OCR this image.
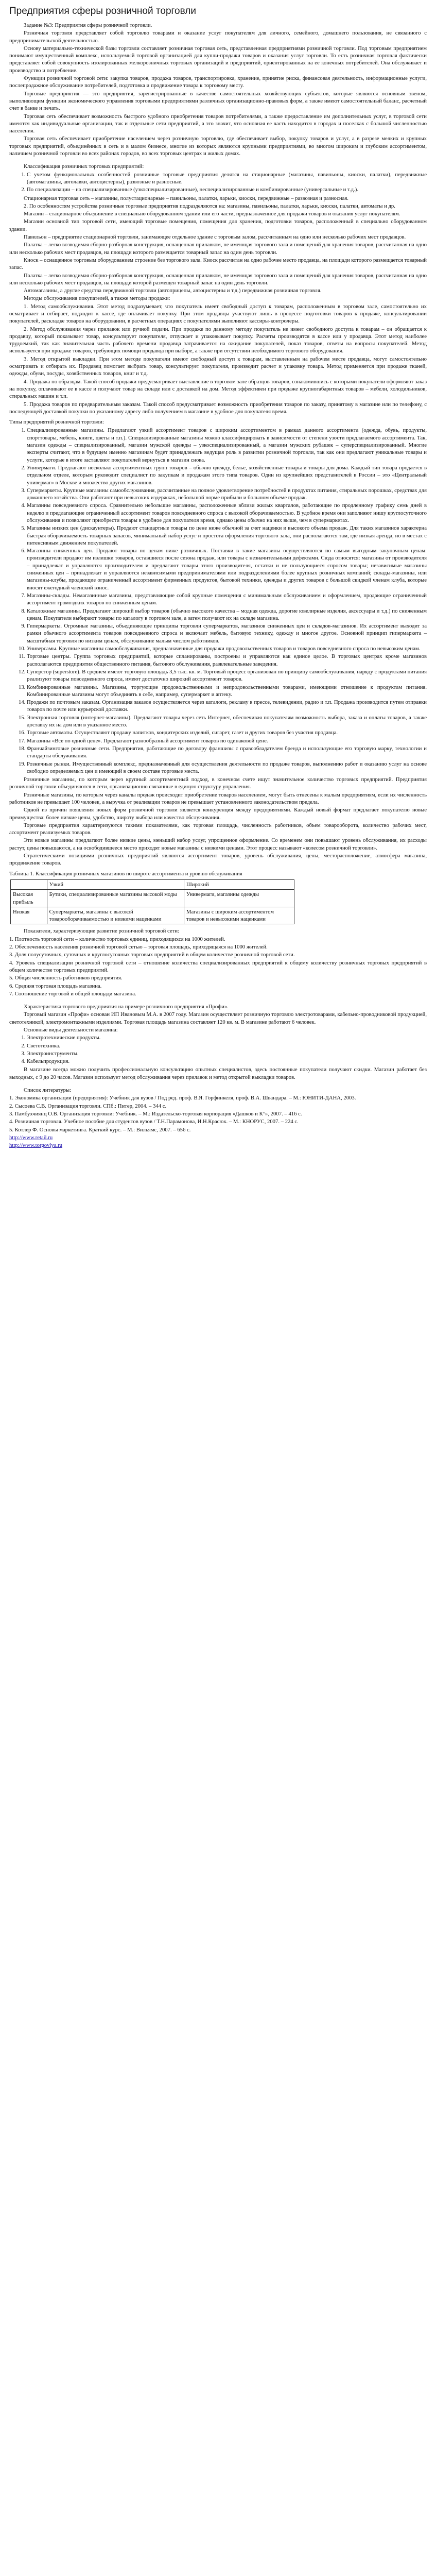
Предприятия сферы розничной торговли

Задание №3: Предприятия сферы розничной торговли.

Розничная торговля представляет собой торговлю товарами и оказание услуг покупателям для личного, семейного, домашнего пользования, не связанного с предпринимательской деятельностью.

Основу материально-технической базы торговли составляет розничная торговая сеть, представленная предприятиями розничной торговли. Под торговым предприятием понимают имущественный комплекс, используемый торговой организацией для купли-продажи товаров и оказания услуг торговли. То есть розничная торговля фактически представляет собой совокупность изолированных мелкорозничных торговых организаций и предприятий, ориентированных на ее конечных потребителей. Она обслуживает и производство и потребление.

Функции розничной торговой сети: закупка товаров, продажа товаров, транспортировка, хранение, принятие риска, финансовая деятельность, информационные услуги, послепродажное обслуживание потребителей, подготовка и продвижение товара к торговому месту.

Торговые предприятия — это предприятия, зарегистрированные в качестве самостоятельных хозяйствующих субъектов, которые являются основным звеном, выполняющим функции экономического управления торговыми предприятиями различных организационно-правовых форм, а также имеют самостоятельный баланс, расчетный счет в банке и печать.

Торговая сеть обеспечивает возможность быстрого удобного приобретения товаров потребителями, а также предоставление им дополнительных услуг, в торговой сети имеются как индивидуальные организации, так и отдельные сети предприятий, а это значит, что основная ее часть находится в городах и поселках с большой численностью населения.

Торговая сеть обеспечивает приобретение населением через розничную торговлю, где обеспечивает выбор, покупку товаров и услуг, а в разрезе мелких и крупных торговых предприятий, объединённых в сеть и в малом бизнесе, многие из которых являются крупными предприятиями, во многом широким и глубоким ассортиментом, наличием розничной торговли во всех районах городов, во всех торговых центрах и жилых домах.

Классификация розничных торговых предприятий:

1. С учетом функциональных особенностей розничные торговые предприятия делятся на стационарные (магазины, павильоны, киоски, палатки), передвижные (автомагазины, автолавки, автоцистерны), развозные и разносные.
2. По специализации – на специализированные (узкоспециализированные), неспециализированные и комбинированные (универсальные и т.д.).

Стационарная торговая сеть – магазины, полустационарные – павильоны, палатки, ларьки, киоски, передвижные – развозная и разносная.

2. По особенностям устройства розничные торговые предприятия подразделяются на: магазины, павильоны, палатки, ларьки, киоски, палатки, автоматы и др.

Магазин – стационарное объединение в специально оборудованном здании или его части, предназначенное для продажи товаров и оказания услуг покупателям.

Магазин основной тип торговой сети, имеющий торговые помещения, помещения для хранения, подготовки товаров, расположенный в специально оборудованном здании.

Павильон – предприятие стационарной торговли, занимающее отдельное здание с торговым залом, рассчитанным на одно или несколько рабочих мест продавцов.

Палатка – легко возводимая сборно-разборная конструкция, оснащенная прилавком, не имеющая торгового зала и помещений для хранения товаров, рассчитанная на одно или несколько рабочих мест продавцов, на площади которого размещается товарный запас на один день торговли.

Киоск – оснащенное торговым оборудованием строение без торгового зала. Киоск рассчитан на одно рабочее место продавца, на площади которого размещается товарный запас.

Палатка – легко возводимая сборно-разборная конструкция, оснащенная прилавком, не имеющая торгового зала и помещений для хранения товаров, рассчитанная на одно или несколько рабочих мест продавцов, на площади которой размещен товарный запас на один день торговли.

Автомагазины, а другие средства передвижной торговли (автоприцепы, автоцистерны и т.д.) передвижная розничная торговля.

Методы обслуживания покупателей, а также методы продажи:

1. Метод самообслуживания. Этот метод подразумевает, что покупатель имеет свободный доступ к товарам, расположенным в торговом зале, самостоятельно их осматривает и отбирает, подходит к кассе, где оплачивает покупку. При этом продавцы участвуют лишь в процессе подготовки товаров к продаже, консультировании покупателей, раскладке товаров на оборудовании, в расчетных операциях с покупателями выполняют кассиры-контролеры.

2. Метод обслуживания через прилавок или ручной подачи. При продаже по данному методу покупатель не имеет свободного доступа к товарам – он обращается к продавцу, который показывает товар, консультирует покупателя, отпускает и упаковывает покупку. Расчеты производятся в кассе или у продавца. Этот метод наиболее трудоемкий, так как значительная часть рабочего времени продавца затрачивается на ожидание покупателей, показ товаров, ответы на вопросы покупателей. Метод используется при продаже товаров, требующих помощи продавца при выборе, а также при отсутствии необходимого торгового оборудования.

3. Метод открытой выкладки. При этом методе покупатели имеют свободный доступ к товарам, выставленным на рабочем месте продавца, могут самостоятельно осматривать и отбирать их. Продавец помогает выбрать товар, консультирует покупателя, производит расчет и упаковку товара. Метод применяется при продаже тканей, одежды, обуви, посуды, хозяйственных товаров, книг и т.д.

4. Продажа по образцам. Такой способ продажи предусматривает выставление в торговом зале образцов товаров, ознакомившись с которыми покупатели оформляют заказ на покупку, оплачивают ее в кассе и получают товар на складе или с доставкой на дом. Метод эффективен при продаже крупногабаритных товаров – мебели, холодильников, стиральных машин и т.п.

5. Продажа товаров по предварительным заказам. Такой способ предусматривает возможность приобретения товаров по заказу, принятому в магазине или по телефону, с последующей доставкой покупки по указанному адресу либо получением в магазине в удобное для покупателя время.

Типы предприятий розничной торговли:

1. Специализированные магазины. Предлагают узкий ассортимент товаров с широким ассортиментом в рамках данного ассортимента (одежда, обувь, продукты, спорттовары, мебель, книги, цветы и т.п.). Специализированные магазины можно классифицировать в зависимости от степени узости предлагаемого ассортимента. Так, магазин одежды – специализированный, магазин мужской одежды – узкоспециализированный, а магазин мужских рубашек – суперспециализированный. Многие эксперты считают, что в будущем именно магазинам будет принадлежать ведущая роль в развитии розничной торговли, так как они предлагают уникальные товары и услуги, которые в итоге заставляют покупателей вернуться в магазин снова.
2. Универмаги. Предлагают несколько ассортиментных групп товаров – обычно одежду, белье, хозяйственные товары и товары для дома. Каждый тип товара продается в отдельном отделе, которым руководит специалист по закупкам и продажам этого типа товаров. Один из крупнейших представителей в России – это «Центральный универмаг» в Москве и множество других магазинов.
3. Супермаркеты. Крупные магазины самообслуживания, рассчитанные на полное удовлетворение потребностей в продуктах питания, стиральных порошках, средствах для домашнего хозяйства. Они работают при невысоких издержках, небольшой норме прибыли и большом объеме продаж.
4. Магазины повседневного спроса. Сравнительно небольшие магазины, расположенные вблизи жилых кварталов, работающие по продленному графику семь дней в неделю и предлагающие ограниченный ассортимент товаров повседневного спроса с высокой оборачиваемостью. В удобное время они заполняют нишу круглосуточного обслуживания и позволяют приобрести товары в удобное для покупателя время, однако цены обычно на них выше, чем в супермаркетах.
5. Магазины низких цен (дискаунтеры). Продают стандартные товары по цене ниже обычной за счет наценки и высокого объема продаж. Для таких магазинов характерна быстрая оборачиваемость товарных запасов, минимальный набор услуг и простота оформления торгового зала, они располагаются там, где низкая аренда, но в местах с интенсивным движением покупателей.
6. Магазины сниженных цен. Продают товары по ценам ниже розничных. Поставки в такие магазины осуществляются по самым выгодным закупочным ценам: производители продают им излишки товаров, оставшиеся после сезона продаж, или товары с незначительными дефектами. Сюда относятся: магазины от производителя – принадлежат и управляются производителем и предлагают товары этого производителя, остатки и не пользующиеся спросом товары; независимые магазины сниженных цен – принадлежат и управляются независимыми предпринимателями или подразделениями более крупных розничных компаний; склады-магазины, или магазины-клубы, продающие ограниченный ассортимент фирменных продуктов, бытовой техники, одежды и других товаров с большой скидкой членам клуба, которые вносят ежегодный членский взнос.
7. Магазины-склады. Немагазинные магазины, представляющие собой крупные помещения с минимальным обслуживанием и оформлением, продающие ограниченный ассортимент громоздких товаров по сниженным ценам.
8. Каталожные магазины. Предлагают широкий выбор товаров (обычно высокого качества – модная одежда, дорогие ювелирные изделия, аксессуары и т.д.) по сниженным ценам. Покупатели выбирают товары по каталогу в торговом зале, а затем получают их на складе магазина.
9. Гипермаркеты. Огромные магазины, объединяющие принципы торговли супермаркетов, магазинов сниженных цен и складов-магазинов. Их ассортимент выходит за рамки обычного ассортимента товаров повседневного спроса и включает мебель, бытовую технику, одежду и многое другое. Основной принцип гипермаркета – масштабная торговля по низким ценам, обслуживание малым числом работников.
10. Универсамы. Крупные магазины самообслуживания, предназначенные для продажи продовольственных товаров и товаров повседневного спроса по невысоким ценам.
11. Торговые центры. Группа торговых предприятий, которые спланированы, построены и управляются как единое целое. В торговых центрах кроме магазинов располагаются предприятия общественного питания, бытового обслуживания, развлекательные заведения.
12. Суперстор (superstore). В среднем имеют торговую площадь 3,5 тыс. кв. м. Торговый процесс организован по принципу самообслуживания, наряду с продуктами питания реализуют товары повседневного спроса, имеют достаточно широкий ассортимент товаров.
13. Комбинированные магазины. Магазины, торгующие продовольственными и непродовольственными товарами, имеющими отношение к продуктам питания. Комбинированные магазины могут объединять в себе, например, супермаркет и аптеку.
14. Продажи по почтовым заказам. Организация заказов осуществляется через каталоги, рекламу в прессе, телевидении, радио и т.п. Продажа производится путем отправки товаров по почте или курьерской доставки.
15. Электронная торговля (интернет-магазины). Предлагают товары через сеть Интернет, обеспечивая покупателям возможность выбора, заказа и оплаты товаров, а также доставку их на дом или в указанное место.
16. Торговые автоматы. Осуществляют продажу напитков, кондитерских изделий, сигарет, газет и других товаров без участия продавца.
17. Магазины «Все по одной цене». Предлагают разнообразный ассортимент товаров по одинаковой цене.
18. Франчайзинговые розничные сети. Предприятия, работающие по договору франшизы с правообладателем бренда и использующие его торговую марку, технологии и стандарты обслуживания.
19. Розничные рынки. Имущественный комплекс, предназначенный для осуществления деятельности по продаже товаров, выполнению работ и оказанию услуг на основе свободно определяемых цен и имеющий в своем составе торговые места.

Розничные магазины, по которым через крупный ассортиментный подход, в конечном счете ищут значительное количество торговых предприятий. Предприятия розничной торговли объединяются в сети, организационно связанные в единую структуру управления.

Розничные магазины, по которым через каналы продаж происходит приобретение товаров населением, могут быть отнесены к малым предприятиям, если их численность работников не превышает 100 человек, а выручка от реализации товаров не превышает установленного законодательством предела.

Одной из причин появления новых форм розничной торговли является конкуренция между предприятиями. Каждый новый формат предлагает покупателю новые преимущества: более низкие цены, удобство, широту выбора или качество обслуживания.

Торговые предприятия характеризуются такими показателями, как торговая площадь, численность работников, объем товарооборота, количество рабочих мест, ассортимент реализуемых товаров.

Эти новые магазины предлагают более низкие цены, меньший набор услуг, упрощенное оформление. Со временем они повышают уровень обслуживания, их расходы растут, цены повышаются, а на освободившееся место приходят новые магазины с низкими ценами. Этот процесс называют «колесом розничной торговли».

Стратегическими позициями розничных предприятий являются ассортимент товаров, уровень обслуживания, цены, месторасположение, атмосфера магазина, продвижение товаров.

Таблица 1. Классификация розничных магазинов по широте ассортимента и уровню обслуживания

	Узкий	Широкий
Высокая прибыль	Бутики, специализированные магазины высокой моды	Универмаги, магазины одежды
Низкая	Супермаркеты, магазины с высокой товарооборачиваемостью и низкими наценками	Магазины с широким ассортиментом товаров и невысокими наценками

Показатели, характеризующие развитие розничной торговой сети:

1. Плотность торговой сети – количество торговых единиц, приходящихся на 1000 жителей.

2. Обеспеченность населения розничной торговой сетью – торговая площадь, приходящаяся на 1000 жителей.

3. Доля полусуточных, суточных и круглосуточных торговых предприятий в общем количестве розничной торговой сети.

4. Уровень специализации розничной торговой сети – отношение количества специализированных предприятий к общему количеству розничных торговых предприятий в общем количестве торговых предприятий.

5. Общая численность работников предприятия.

6. Средняя торговая площадь магазина.

7. Соотношение торговой и общей площади магазина.

Характеристика торгового предприятия на примере розничного предприятия «Профи».

Торговый магазин «Профи» основан ИП Ивановым М.А. в 2007 году. Магазин осуществляет розничную торговлю электротоварами, кабельно-проводниковой продукцией, светотехникой, электромонтажными изделиями. Торговая площадь магазина составляет 120 кв. м. В магазине работают 6 человек.

Основные виды деятельности магазина:

1. Электротехнические продукты.
2. Светотехника.
3. Электроинструменты.
4. Кабельпродукция.

В магазине всегда можно получить профессиональную консультацию опытных специалистов, здесь постоянные покупатели получают скидки. Магазин работает без выходных, с 9 до 20 часов. Магазин использует метод обслуживания через прилавок и метод открытой выкладки товаров.

Список литературы:

1. Экономика организации (предприятия): Учебник для вузов / Под ред. проф. В.Я. Горфинкеля, проф. В.А. Швандара. – М.: ЮНИТИ-ДАНА, 2003.

2. Сысоева С.В. Организация торговли. СПб.: Питер, 2004. – 344 с.

3. Памбухчиянц О.В. Организация торговли: Учебник. – М.: Издательско-торговая корпорация «Дашков и К°», 2007. – 416 с.

4. Розничная торговля. Учебное пособие для студентов вузов / Т.Н.Парамонова, И.Н.Красюк. – М.: КНОРУС, 2007. – 224 с.

5. Котлер Ф. Основы маркетинга. Краткий курс. – М.: Вильямс, 2007. – 656 с.

http://www.retail.ru

http://www.torgovlya.ru
